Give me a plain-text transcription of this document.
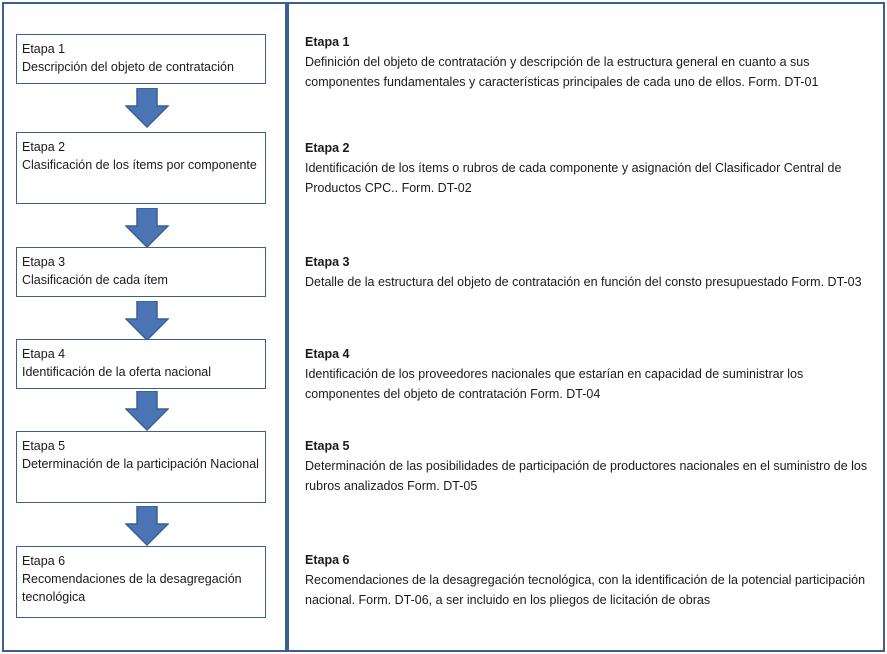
Etapa 1
Descripción del objeto de contratación
Etapa 2
Clasificación de los ítems por componente
Etapa 3
Clasificación de cada ítem
Etapa 4
Identificación de la oferta nacional
Etapa 5
Determinación de la participación Nacional
Etapa 6
Recomendaciones de la desagregación tecnológica
Etapa 1
Definición del objeto de contratación y descripción de la estructura general en cuanto a sus componentes fundamentales y características principales de cada uno de ellos. Form. DT-01
Etapa 2
Identificación de los ítems o rubros de cada componente y asignación del Clasificador Central de Productos CPC.. Form. DT-02
Etapa 3
Detalle de la estructura del objeto de contratación en función del consto presupuestado Form. DT-03
Etapa 4
Identificación de los proveedores nacionales que estarían en capacidad de suministrar los componentes del objeto de contratación Form. DT-04
Etapa 5
Determinación de las posibilidades de participación de productores nacionales en el suministro de los rubros analizados Form. DT-05
Etapa 6
Recomendaciones de la desagregación tecnológica, con la identificación de la potencial participación nacional. Form. DT-06, a ser incluido en los pliegos de licitación de obras
